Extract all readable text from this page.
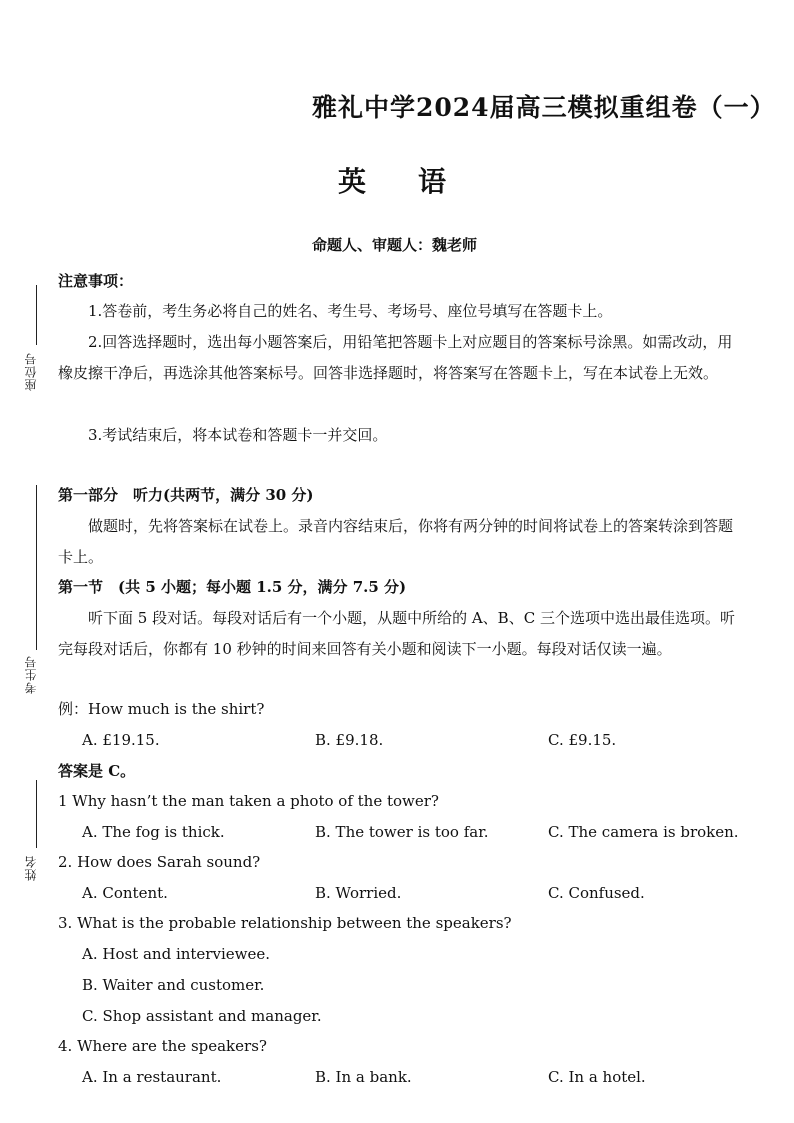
座位号
考生号
姓名
雅礼中学2024届高三模拟重组卷（一）
英语
命题人、审题人：魏老师
注意事项：
1.答卷前，考生务必将自己的姓名、考生号、考场号、座位号填写在答题卡上。
2.回答选择题时，选出每小题答案后，用铅笔把答题卡上对应题目的答案标号涂黑。如需改动，用橡皮擦干净后，再选涂其他答案标号。回答非选择题时，将答案写在答题卡上，写在本试卷上无效。
3.考试结束后，将本试卷和答题卡一并交回。
第一部分　听力(共两节，满分 30 分)
做题时，先将答案标在试卷上。录音内容结束后，你将有两分钟的时间将试卷上的答案转涂到答题卡上。
第一节　(共 5 小题；每小题 1.5 分，满分 7.5 分)
听下面 5 段对话。每段对话后有一个小题，从题中所给的 A、B、C 三个选项中选出最佳选项。听完每段对话后，你都有 10 秒钟的时间来回答有关小题和阅读下一小题。每段对话仅读一遍。
例：How much is the shirt?
A. £19.15.	B. £9.18.	C. £9.15.
答案是 C。
1 Why hasn’t the man taken a photo of the tower?
A. The fog is thick.	B. The tower is too far.	C. The camera is broken.
2. How does Sarah sound?
A. Content.	B. Worried.	C. Confused.
3. What is the probable relationship between the speakers?
A. Host and interviewee.
B. Waiter and customer.
C. Shop assistant and manager.
4. Where are the speakers?
A. In a restaurant.	B. In a bank.	C. In a hotel.
